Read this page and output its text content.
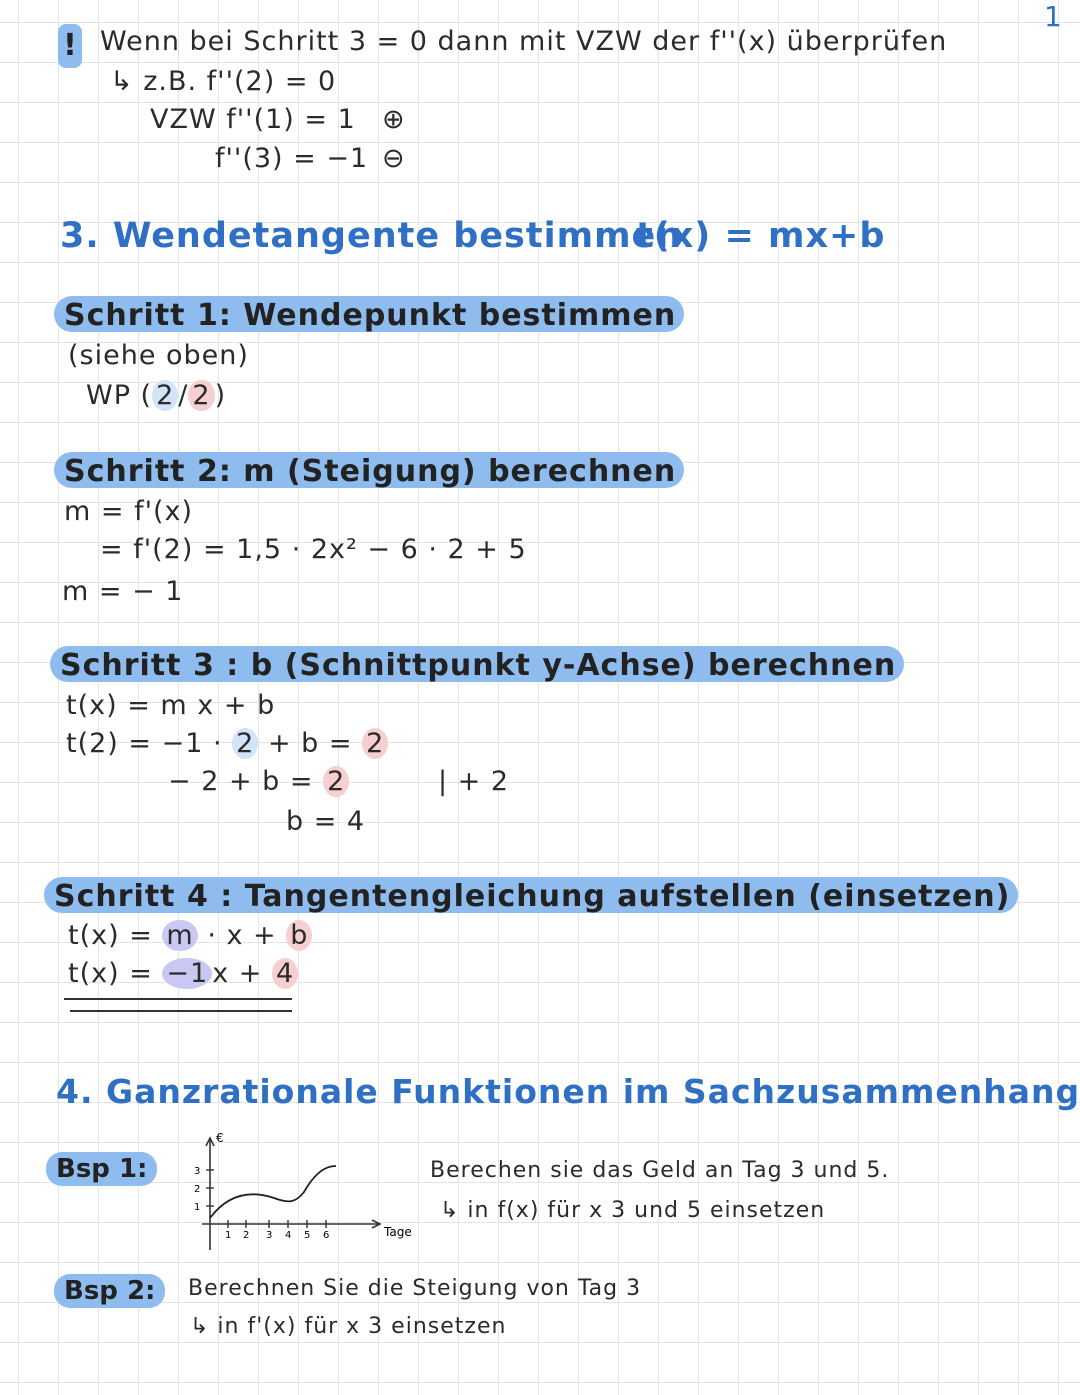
1
! Wenn bei Schritt 3 = 0 dann mit VZW der f''(x) überprüfen
↳ z.B. f''(2) = 0
VZW f''(1) = 1 ⊕
f''(3) = −1 ⊖
3. Wendetangente bestimmen
t(x) = mx+b
Schritt 1: Wendepunkt bestimmen
(siehe oben)
WP ( 2 / 2 )
Schritt 2: m (Steigung) berechnen
m = f'(x)
= f'(2) = 1,5 · 2x² − 6 · 2 + 5
m = − 1
Schritt 3 : b (Schnittpunkt y-Achse) berechnen
t(x) = m x + b
t(2) = −1 · 2 + b = 2
− 2 + b = 2	| + 2
b = 4
Schritt 4 : Tangentengleichung aufstellen (einsetzen)
t(x) = m · x + b
t(x) = −1 x + 4
4. Ganzrationale Funktionen im Sachzusammenhang
Bsp 1:
1
2
3
€
1 2 3 4 5 6	Tage
Berechen sie das Geld an Tag 3 und 5.
↳ in f(x) für x 3 und 5 einsetzen
Bsp 2:	Berechnen Sie die Steigung von Tag 3
↳ in f'(x) für x 3 einsetzen
